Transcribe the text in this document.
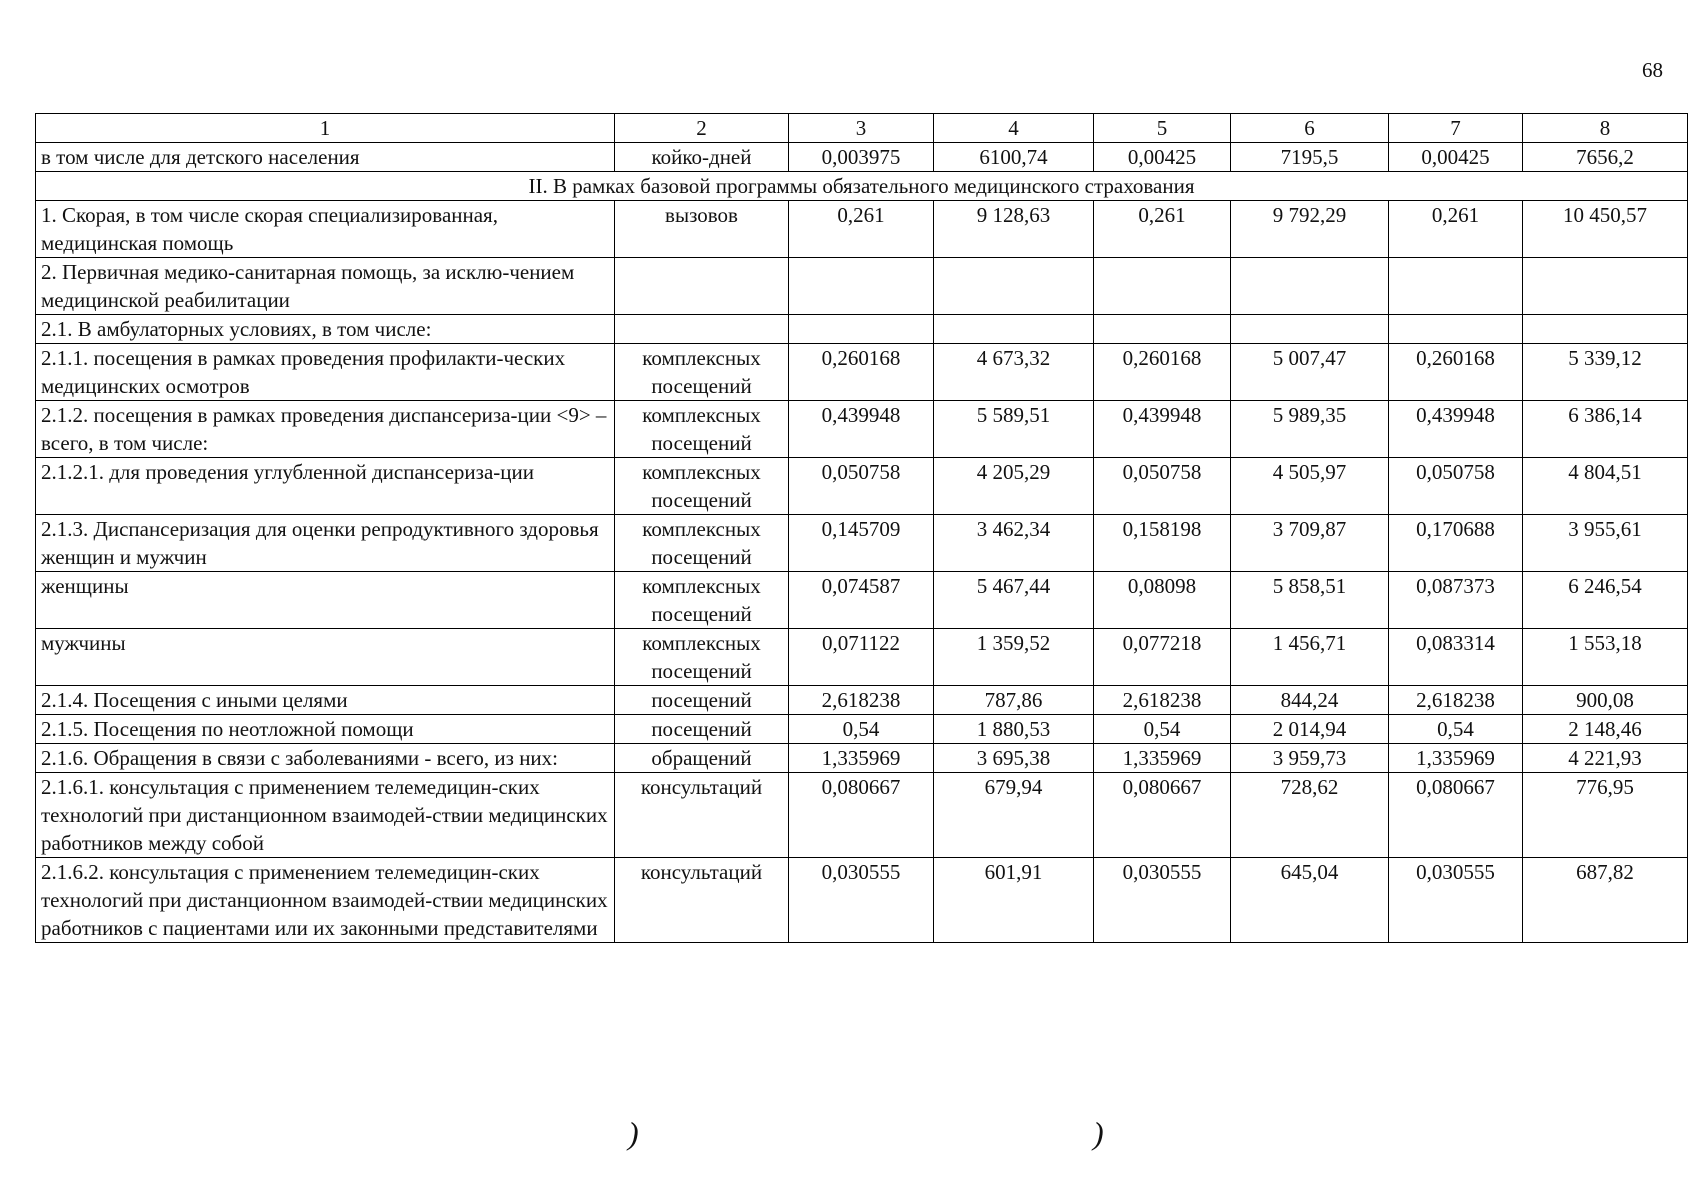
68
1	2	3	4	5	6	7	8
в том числе для детского населения	койко-дней	0,003975	6100,74	0,00425	7195,5	0,00425	7656,2
II. В рамках базовой программы обязательного медицинского страхования							
1. Скорая, в том числе скорая специализированная, медицинская помощь	вызовов	0,261	9 128,63	0,261	9 792,29	0,261	10 450,57
2. Первичная медико-санитарная помощь, за исклю-чением медицинской реабилитации							
2.1. В амбулаторных условиях, в том числе:							
2.1.1. посещения в рамках проведения профилакти-ческих медицинских осмотров	комплексных посещений	0,260168	4 673,32	0,260168	5 007,47	0,260168	5 339,12
2.1.2. посещения в рамках проведения диспансериза-ции <9> – всего, в том числе:	комплексных посещений	0,439948	5 589,51	0,439948	5 989,35	0,439948	6 386,14
2.1.2.1. для проведения углубленной диспансериза-ции	комплексных посещений	0,050758	4 205,29	0,050758	4 505,97	0,050758	4 804,51
2.1.3. Диспансеризация для оценки репродуктивного здоровья женщин и мужчин	комплексных посещений	0,145709	3 462,34	0,158198	3 709,87	0,170688	3 955,61
женщины	комплексных посещений	0,074587	5 467,44	0,08098	5 858,51	0,087373	6 246,54
мужчины	комплексных посещений	0,071122	1 359,52	0,077218	1 456,71	0,083314	1 553,18
2.1.4. Посещения с иными целями	посещений	2,618238	787,86	2,618238	844,24	2,618238	900,08
2.1.5. Посещения по неотложной помощи	посещений	0,54	1 880,53	0,54	2 014,94	0,54	2 148,46
2.1.6. Обращения в связи с заболеваниями - всего, из них:	обращений	1,335969	3 695,38	1,335969	3 959,73	1,335969	4 221,93
2.1.6.1. консультация с применением телемедицин-ских технологий при дистанционном взаимодей-ствии медицинских работников между собой	консультаций	0,080667	679,94	0,080667	728,62	0,080667	776,95
2.1.6.2. консультация с применением телемедицин-ских технологий при дистанционном взаимодей-ствии медицинских работников с пациентами или их законными представителями	консультаций	0,030555	601,91	0,030555	645,04	0,030555	687,82
)	)
